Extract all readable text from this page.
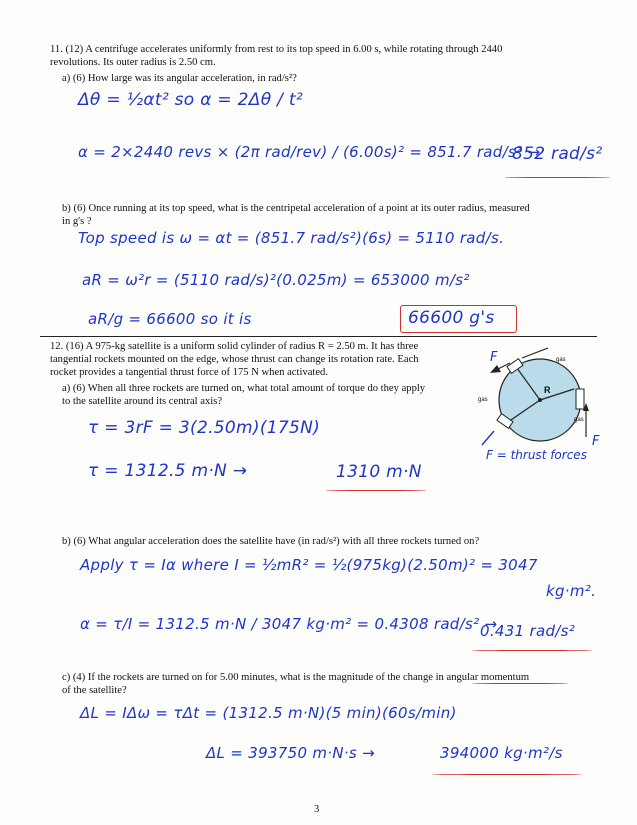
11. (12) A centrifuge accelerates uniformly from rest to its top speed in 6.00 s, while rotating through 2440
revolutions. Its outer radius is 2.50 cm.
a) (6) How large was its angular acceleration, in rad/s²?
Δθ = ½αt² so α = 2Δθ / t²
α = 2×2440 revs × (2π rad/rev) / (6.00s)² = 851.7 rad/s² →
852 rad/s²
b) (6) Once running at its top speed, what is the centripetal acceleration of a point at its outer radius, measured
in g's ?
Top speed is ω = αt = (851.7 rad/s²)(6s) = 5110 rad/s.
aR = ω²r = (5110 rad/s)²(0.025m) = 653000 m/s²
aR/g = 66600 so it is	66600 g's
12. (16) A 975-kg satellite is a uniform solid cylinder of radius R = 2.50 m. It has three
tangential rockets mounted on the edge, whose thrust can change its rotation rate. Each
rocket provides a tangential thrust force of 175 N when activated.
a) (6) When all three rockets are turned on, what total amount of torque do they apply
to the satellite around its central axis?
τ = 3rF = 3(2.50m)(175N)
τ = 1312.5 m·N →	1310 m·N
R
gas
gas
gas
F
F
F = thrust forces
b) (6) What angular acceleration does the satellite have (in rad/s²) with all three rockets turned on?
Apply τ = Iα where I = ½mR² = ½(975kg)(2.50m)² = 3047
kg·m².
α = τ/I = 1312.5 m·N / 3047 kg·m² = 0.4308 rad/s² →
0.431 rad/s²
c) (4) If the rockets are turned on for 5.00 minutes, what is the magnitude of the change in angular momentum
of the satellite?
ΔL = IΔω = τΔt = (1312.5 m·N)(5 min)(60s/min)
ΔL = 393750 m·N·s →	394000 kg·m²/s
3
